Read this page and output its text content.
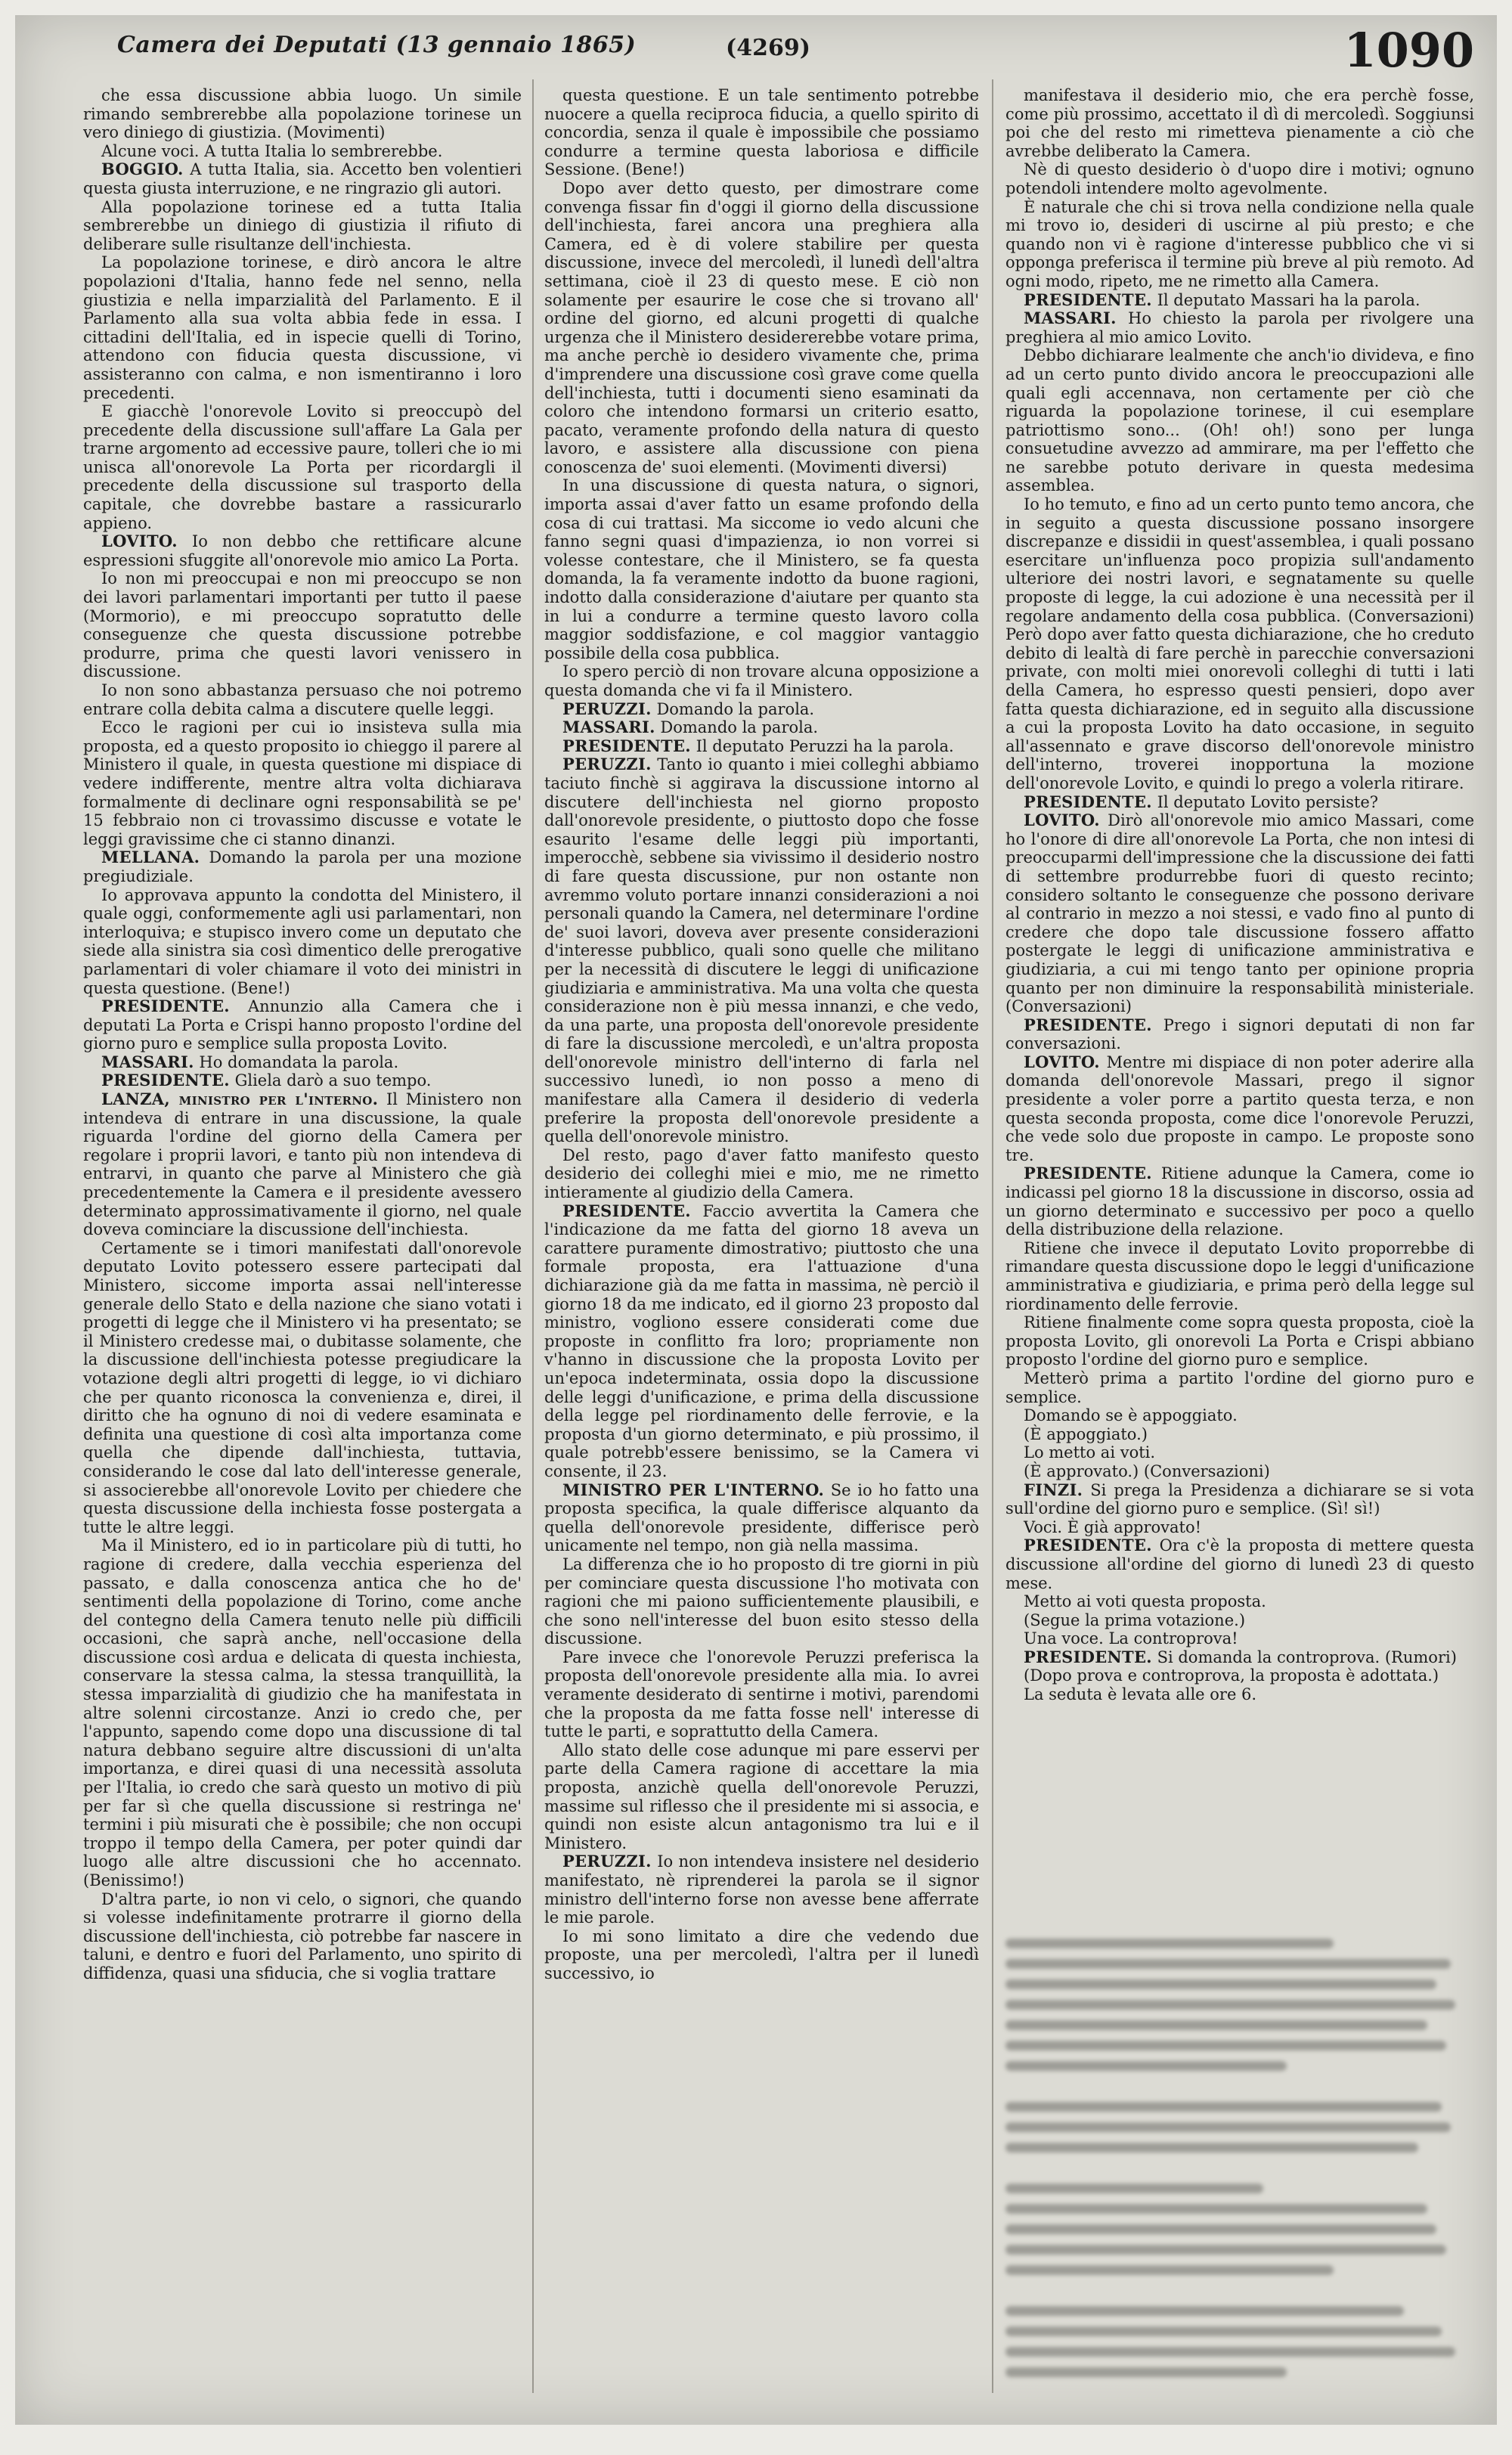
Camera dei Deputati (13 gennaio 1865)	(4269)	1090

che essa discussione abbia luogo. Un simile rimando sembrerebbe alla popolazione torinese un vero diniego di giustizia. (Movimenti)

Alcune voci. A tutta Italia lo sembrerebbe.

BOGGIO. A tutta Italia, sia. Accetto ben volentieri questa giusta interruzione, e ne ringrazio gli autori.

Alla popolazione torinese ed a tutta Italia sembrerebbe un diniego di giustizia il rifiuto di deliberare sulle risultanze dell'inchiesta.

La popolazione torinese, e dirò ancora le altre popolazioni d'Italia, hanno fede nel senno, nella giustizia e nella imparzialità del Parlamento. E il Parlamento alla sua volta abbia fede in essa. I cittadini dell'Italia, ed in ispecie quelli di Torino, attendono con fiducia questa discussione, vi assisteranno con calma, e non ismentiranno i loro precedenti.

E giacchè l'onorevole Lovito si preoccupò del precedente della discussione sull'affare La Gala per trarne argomento ad eccessive paure, tolleri che io mi unisca all'onorevole La Porta per ricordargli il precedente della discussione sul trasporto della capitale, che dovrebbe bastare a rassicurarlo appieno.

LOVITO. Io non debbo che rettificare alcune espressioni sfuggite all'onorevole mio amico La Porta.

Io non mi preoccupai e non mi preoccupo se non dei lavori parlamentari importanti per tutto il paese (Mormorio), e mi preoccupo sopratutto delle conseguenze che questa discussione potrebbe produrre, prima che questi lavori venissero in discussione.

Io non sono abbastanza persuaso che noi potremo entrare colla debita calma a discutere quelle leggi.

Ecco le ragioni per cui io insisteva sulla mia proposta, ed a questo proposito io chieggo il parere al Ministero il quale, in questa questione mi dispiace di vedere indifferente, mentre altra volta dichiarava formalmente di declinare ogni responsabilità se pe' 15 febbraio non ci trovassimo discusse e votate le leggi gravissime che ci stanno dinanzi.

MELLANA. Domando la parola per una mozione pregiudiziale.

Io approvava appunto la condotta del Ministero, il quale oggi, conformemente agli usi parlamentari, non interloquiva; e stupisco invero come un deputato che siede alla sinistra sia così dimentico delle prerogative parlamentari di voler chiamare il voto dei ministri in questa questione. (Bene!)

PRESIDENTE. Annunzio alla Camera che i deputati La Porta e Crispi hanno proposto l'ordine del giorno puro e semplice sulla proposta Lovito.

MASSARI. Ho domandata la parola.

PRESIDENTE. Gliela darò a suo tempo.

LANZA, ministro per l'interno. Il Ministero non intendeva di entrare in una discussione, la quale riguarda l'ordine del giorno della Camera per regolare i proprii lavori, e tanto più non intendeva di entrarvi, in quanto che parve al Ministero che già precedentemente la Camera e il presidente avessero determinato approssimativamente il giorno, nel quale doveva cominciare la discussione dell'inchiesta.

Certamente se i timori manifestati dall'onorevole deputato Lovito potessero essere partecipati dal Ministero, siccome importa assai nell'interesse generale dello Stato e della nazione che siano votati i progetti di legge che il Ministero vi ha presentato; se il Ministero credesse mai, o dubitasse solamente, che la discussione dell'inchiesta potesse pregiudicare la votazione degli altri progetti di legge, io vi dichiaro che per quanto riconosca la convenienza e, direi, il diritto che ha ognuno di noi di vedere esaminata e definita una questione di così alta importanza come quella che dipende dall'inchiesta, tuttavia, considerando le cose dal lato dell'interesse generale, si associerebbe all'onorevole Lovito per chiedere che questa discussione della inchiesta fosse postergata a tutte le altre leggi.

Ma il Ministero, ed io in particolare più di tutti, ho ragione di credere, dalla vecchia esperienza del passato, e dalla conoscenza antica che ho de' sentimenti della popolazione di Torino, come anche del contegno della Camera tenuto nelle più difficili occasioni, che saprà anche, nell'occasione della discussione così ardua e delicata di questa inchiesta, conservare la stessa calma, la stessa tranquillità, la stessa imparzialità di giudizio che ha manifestata in altre solenni circostanze. Anzi io credo che, per l'appunto, sapendo come dopo una discussione di tal natura debbano seguire altre discussioni di un'alta importanza, e direi quasi di una necessità assoluta per l'Italia, io credo che sarà questo un motivo di più per far sì che quella discussione si restringa ne' termini i più misurati che è possibile; che non occupi troppo il tempo della Camera, per poter quindi dar luogo alle altre discussioni che ho accennato. (Benissimo!)

D'altra parte, io non vi celo, o signori, che quando si volesse indefinitamente protrarre il giorno della discussione dell'inchiesta, ciò potrebbe far nascere in taluni, e dentro e fuori del Parlamento, uno spirito di diffidenza, quasi una sfiducia, che si voglia trattare

questa questione. E un tale sentimento potrebbe nuocere a quella reciproca fiducia, a quello spirito di concordia, senza il quale è impossibile che possiamo condurre a termine questa laboriosa e difficile Sessione. (Bene!)

Dopo aver detto questo, per dimostrare come convenga fissar fin d'oggi il giorno della discussione dell'inchiesta, farei ancora una preghiera alla Camera, ed è di volere stabilire per questa discussione, invece del mercoledì, il lunedì dell'altra settimana, cioè il 23 di questo mese. E ciò non solamente per esaurire le cose che si trovano all' ordine del giorno, ed alcuni progetti di qualche urgenza che il Ministero desidererebbe votare prima, ma anche perchè io desidero vivamente che, prima d'imprendere una discussione così grave come quella dell'inchiesta, tutti i documenti sieno esaminati da coloro che intendono formarsi un criterio esatto, pacato, veramente profondo della natura di questo lavoro, e assistere alla discussione con piena conoscenza de' suoi elementi. (Movimenti diversi)

In una discussione di questa natura, o signori, importa assai d'aver fatto un esame profondo della cosa di cui trattasi. Ma siccome io vedo alcuni che fanno segni quasi d'impazienza, io non vorrei si volesse contestare, che il Ministero, se fa questa domanda, la fa veramente indotto da buone ragioni, indotto dalla considerazione d'aiutare per quanto sta in lui a condurre a termine questo lavoro colla maggior soddisfazione, e col maggior vantaggio possibile della cosa pubblica.

Io spero perciò di non trovare alcuna opposizione a questa domanda che vi fa il Ministero.

PERUZZI. Domando la parola.

MASSARI. Domando la parola.

PRESIDENTE. Il deputato Peruzzi ha la parola.

PERUZZI. Tanto io quanto i miei colleghi abbiamo taciuto finchè si aggirava la discussione intorno al discutere dell'inchiesta nel giorno proposto dall'onorevole presidente, o piuttosto dopo che fosse esaurito l'esame delle leggi più importanti, imperocchè, sebbene sia vivissimo il desiderio nostro di fare questa discussione, pur non ostante non avremmo voluto portare innanzi considerazioni a noi personali quando la Camera, nel determinare l'ordine de' suoi lavori, doveva aver presente considerazioni d'interesse pubblico, quali sono quelle che militano per la necessità di discutere le leggi di unificazione giudiziaria e amministrativa. Ma una volta che questa considerazione non è più messa innanzi, e che vedo, da una parte, una proposta dell'onorevole presidente di fare la discussione mercoledì, e un'altra proposta dell'onorevole ministro dell'interno di farla nel successivo lunedì, io non posso a meno di manifestare alla Camera il desiderio di vederla preferire la proposta dell'onorevole presidente a quella dell'onorevole ministro.

Del resto, pago d'aver fatto manifesto questo desiderio dei colleghi miei e mio, me ne rimetto intieramente al giudizio della Camera.

PRESIDENTE. Faccio avvertita la Camera che l'indicazione da me fatta del giorno 18 aveva un carattere puramente dimostrativo; piuttosto che una formale proposta, era l'attuazione d'una dichiarazione già da me fatta in massima, nè perciò il giorno 18 da me indicato, ed il giorno 23 proposto dal ministro, vogliono essere considerati come due proposte in conflitto fra loro; propriamente non v'hanno in discussione che la proposta Lovito per un'epoca indeterminata, ossia dopo la discussione delle leggi d'unificazione, e prima della discussione della legge pel riordinamento delle ferrovie, e la proposta d'un giorno determinato, e più prossimo, il quale potrebb'essere benissimo, se la Camera vi consente, il 23.

MINISTRO PER L'INTERNO. Se io ho fatto una proposta specifica, la quale differisce alquanto da quella dell'onorevole presidente, differisce però unicamente nel tempo, non già nella massima.

La differenza che io ho proposto di tre giorni in più per cominciare questa discussione l'ho motivata con ragioni che mi paiono sufficientemente plausibili, e che sono nell'interesse del buon esito stesso della discussione.

Pare invece che l'onorevole Peruzzi preferisca la proposta dell'onorevole presidente alla mia. Io avrei veramente desiderato di sentirne i motivi, parendomi che la proposta da me fatta fosse nell' interesse di tutte le parti, e soprattutto della Camera.

Allo stato delle cose adunque mi pare esservi per parte della Camera ragione di accettare la mia proposta, anzichè quella dell'onorevole Peruzzi, massime sul riflesso che il presidente mi si associa, e quindi non esiste alcun antagonismo tra lui e il Ministero.

PERUZZI. Io non intendeva insistere nel desiderio manifestato, nè riprenderei la parola se il signor ministro dell'interno forse non avesse bene afferrate le mie parole.

Io mi sono limitato a dire che vedendo due proposte, una per mercoledì, l'altra per il lunedì successivo, io

manifestava il desiderio mio, che era perchè fosse, come più prossimo, accettato il dì di mercoledì. Soggiunsi poi che del resto mi rimetteva pienamente a ciò che avrebbe deliberato la Camera.

Nè di questo desiderio ò d'uopo dire i motivi; ognuno potendoli intendere molto agevolmente.

È naturale che chi si trova nella condizione nella quale mi trovo io, desideri di uscirne al più presto; e che quando non vi è ragione d'interesse pubblico che vi si opponga preferisca il termine più breve al più remoto. Ad ogni modo, ripeto, me ne rimetto alla Camera.

PRESIDENTE. Il deputato Massari ha la parola.

MASSARI. Ho chiesto la parola per rivolgere una preghiera al mio amico Lovito.

Debbo dichiarare lealmente che anch'io divideva, e fino ad un certo punto divido ancora le preoccupazioni alle quali egli accennava, non certamente per ciò che riguarda la popolazione torinese, il cui esemplare patriottismo sono... (Oh! oh!) sono per lunga consuetudine avvezzo ad ammirare, ma per l'effetto che ne sarebbe potuto derivare in questa medesima assemblea.

Io ho temuto, e fino ad un certo punto temo ancora, che in seguito a questa discussione possano insorgere discrepanze e dissidii in quest'assemblea, i quali possano esercitare un'influenza poco propizia sull'andamento ulteriore dei nostri lavori, e segnatamente su quelle proposte di legge, la cui adozione è una necessità per il regolare andamento della cosa pubblica. (Conversazioni) Però dopo aver fatto questa dichiarazione, che ho creduto debito di lealtà di fare perchè in parecchie conversazioni private, con molti miei onorevoli colleghi di tutti i lati della Camera, ho espresso questi pensieri, dopo aver fatta questa dichiarazione, ed in seguito alla discussione a cui la proposta Lovito ha dato occasione, in seguito all'assennato e grave discorso dell'onorevole ministro dell'interno, troverei inopportuna la mozione dell'onorevole Lovito, e quindi lo prego a volerla ritirare.

PRESIDENTE. Il deputato Lovito persiste?

LOVITO. Dirò all'onorevole mio amico Massari, come ho l'onore di dire all'onorevole La Porta, che non intesi di preoccuparmi dell'impressione che la discussione dei fatti di settembre produrrebbe fuori di questo recinto; considero soltanto le conseguenze che possono derivare al contrario in mezzo a noi stessi, e vado fino al punto di credere che dopo tale discussione fossero affatto postergate le leggi di unificazione amministrativa e giudiziaria, a cui mi tengo tanto per opinione propria quanto per non diminuire la responsabilità ministeriale. (Conversazioni)

PRESIDENTE. Prego i signori deputati di non far conversazioni.

LOVITO. Mentre mi dispiace di non poter aderire alla domanda dell'onorevole Massari, prego il signor presidente a voler porre a partito questa terza, e non questa seconda proposta, come dice l'onorevole Peruzzi, che vede solo due proposte in campo. Le proposte sono tre.

PRESIDENTE. Ritiene adunque la Camera, come io indicassi pel giorno 18 la discussione in discorso, ossia ad un giorno determinato e successivo per poco a quello della distribuzione della relazione.

Ritiene che invece il deputato Lovito proporrebbe di rimandare questa discussione dopo le leggi d'unificazione amministrativa e giudiziaria, e prima però della legge sul riordinamento delle ferrovie.

Ritiene finalmente come sopra questa proposta, cioè la proposta Lovito, gli onorevoli La Porta e Crispi abbiano proposto l'ordine del giorno puro e semplice.

Metterò prima a partito l'ordine del giorno puro e semplice.

Domando se è appoggiato.

(È appoggiato.)

Lo metto ai voti.

(È approvato.) (Conversazioni)

FINZI. Si prega la Presidenza a dichiarare se si vota sull'ordine del giorno puro e semplice. (Sì! sì!)

Voci. È già approvato!

PRESIDENTE. Ora c'è la proposta di mettere questa discussione all'ordine del giorno di lunedì 23 di questo mese.

Metto ai voti questa proposta.

(Segue la prima votazione.)

Una voce. La controprova!

PRESIDENTE. Si domanda la controprova. (Rumori)

(Dopo prova e controprova, la proposta è adottata.)

La seduta è levata alle ore 6.
